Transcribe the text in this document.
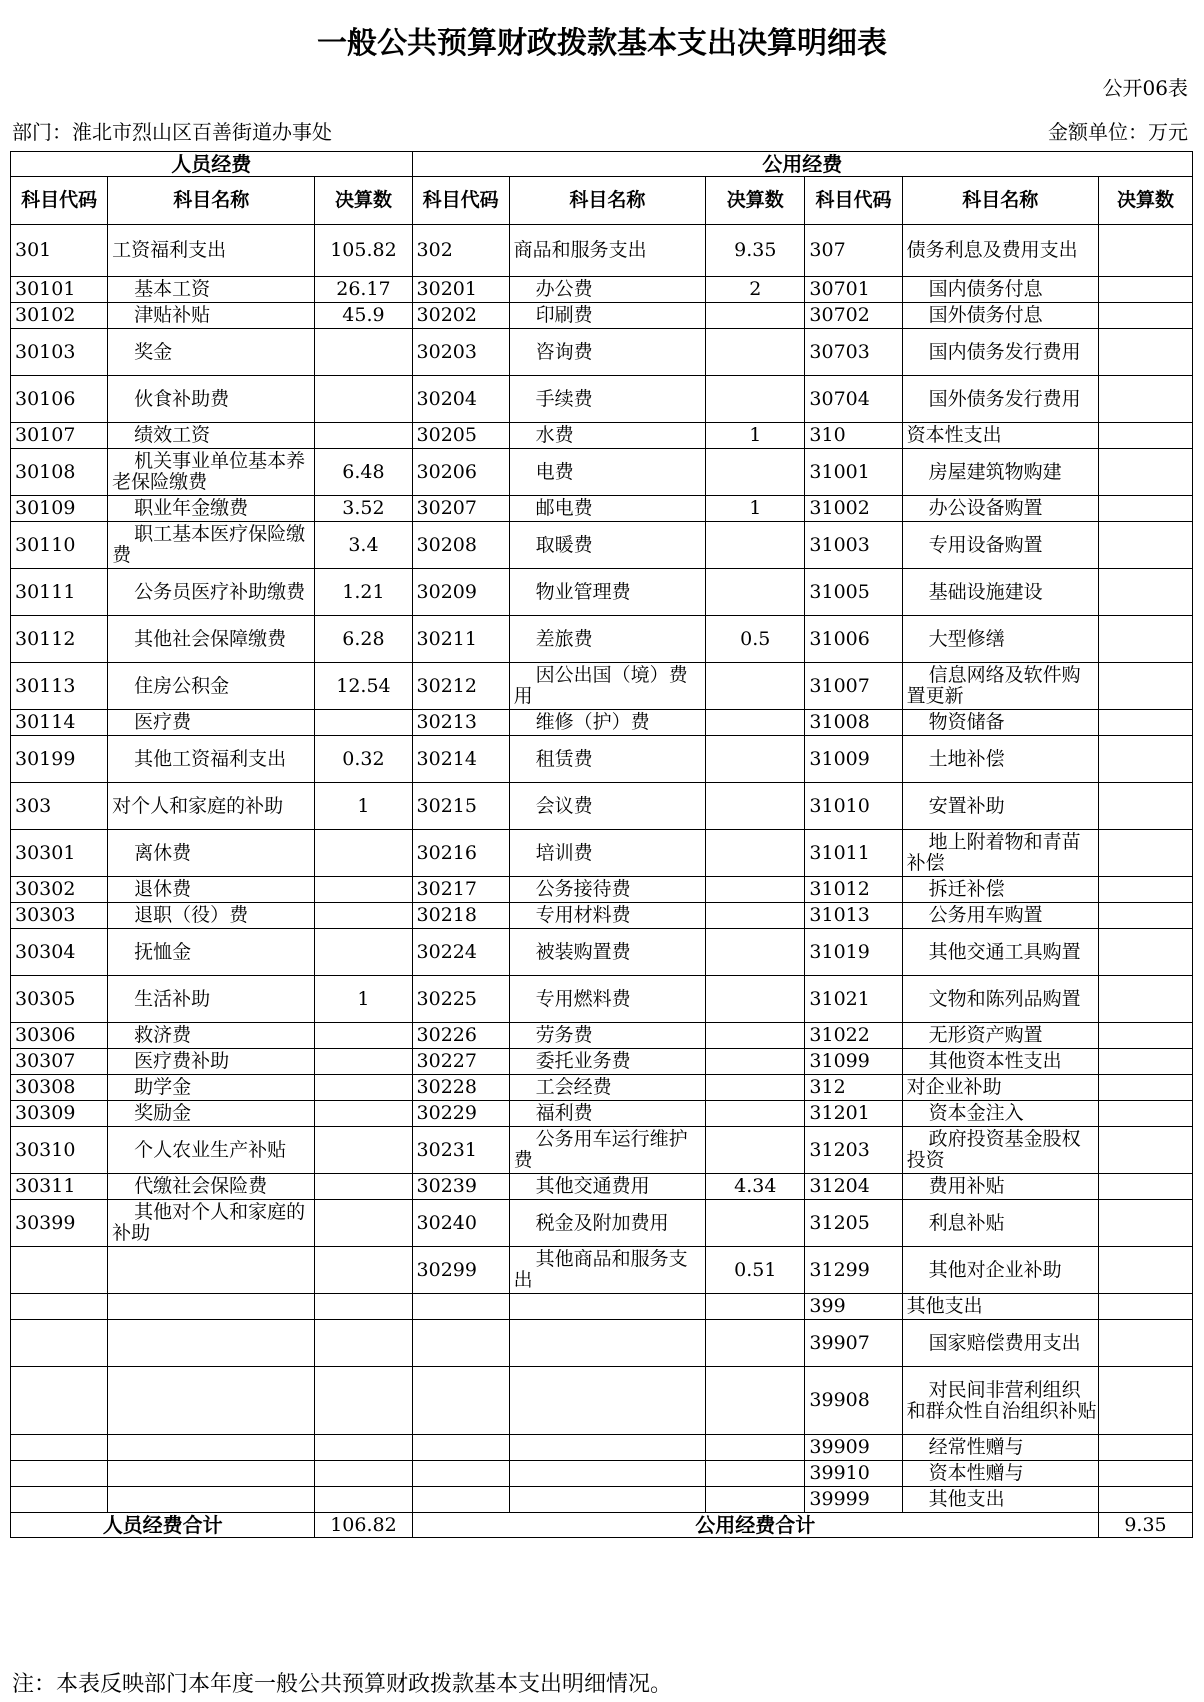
一般公共预算财政拨款基本支出决算明细表
公开06表
部门：淮北市烈山区百善街道办事处	金额单位：万元
人员经费			公用经费					
科目代码	科目名称	决算数	科目代码	科目名称	决算数	科目代码	科目名称	决算数
301	工资福利支出	105.82	302	商品和服务支出	9.35	307	债务利息及费用支出	
30101	基本工资	26.17	30201	办公费	2	30701	国内债务付息	
30102	津贴补贴	45.9	30202	印刷费		30702	国外债务付息	
30103	奖金		30203	咨询费		30703	国内债务发行费用	
30106	伙食补助费		30204	手续费		30704	国外债务发行费用	
30107	绩效工资		30205	水费	1	310	资本性支出	
30108	机关事业单位基本养老保险缴费	6.48	30206	电费		31001	房屋建筑物购建	
30109	职业年金缴费	3.52	30207	邮电费	1	31002	办公设备购置	
30110	职工基本医疗保险缴费	3.4	30208	取暖费		31003	专用设备购置	
30111	公务员医疗补助缴费	1.21	30209	物业管理费		31005	基础设施建设	
30112	其他社会保障缴费	6.28	30211	差旅费	0.5	31006	大型修缮	
30113	住房公积金	12.54	30212	因公出国（境）费用		31007	信息网络及软件购置更新	
30114	医疗费		30213	维修（护）费		31008	物资储备	
30199	其他工资福利支出	0.32	30214	租赁费		31009	土地补偿	
303	对个人和家庭的补助	1	30215	会议费		31010	安置补助	
30301	离休费		30216	培训费		31011	地上附着物和青苗补偿	
30302	退休费		30217	公务接待费		31012	拆迁补偿	
30303	退职（役）费		30218	专用材料费		31013	公务用车购置	
30304	抚恤金		30224	被装购置费		31019	其他交通工具购置	
30305	生活补助	1	30225	专用燃料费		31021	文物和陈列品购置	
30306	救济费		30226	劳务费		31022	无形资产购置	
30307	医疗费补助		30227	委托业务费		31099	其他资本性支出	
30308	助学金		30228	工会经费		312	对企业补助	
30309	奖励金		30229	福利费		31201	资本金注入	
30310	个人农业生产补贴		30231	公务用车运行维护费		31203	政府投资基金股权投资	
30311	代缴社会保险费		30239	其他交通费用	4.34	31204	费用补贴	
30399	其他对个人和家庭的补助		30240	税金及附加费用		31205	利息补贴	
			30299	其他商品和服务支出	0.51	31299	其他对企业补助	
						399	其他支出	
						39907	国家赔偿费用支出	
						39908	对民间非营利组织和群众性自治组织补贴	
						39909	经常性赠与	
						39910	资本性赠与	
						39999	其他支出	
人员经费合计		106.82	公用经费合计					9.35
注：本表反映部门本年度一般公共预算财政拨款基本支出明细情况。
